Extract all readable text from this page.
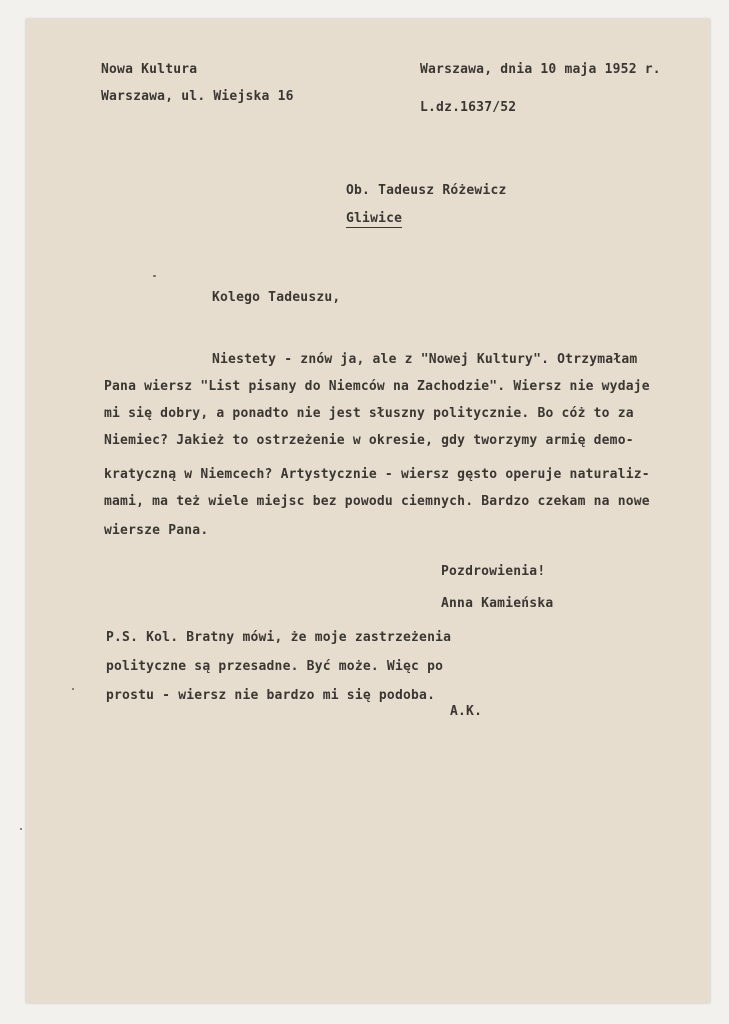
Nowa Kultura
Warszawa, ul. Wiejska 16
Warszawa, dnia 10 maja 1952 r.
L.dz.1637/52
Ob. Tadeusz Różewicz
Gliwice
Kolego Tadeuszu,
Niestety - znów ja, ale z "Nowej Kultury". Otrzymałam
Pana wiersz "List pisany do Niemców na Zachodzie". Wiersz nie wydaje
mi się dobry, a ponadto nie jest słuszny politycznie. Bo cóż to za
Niemiec? Jakież to ostrzeżenie w okresie, gdy tworzymy armię demo-
kratyczną w Niemcech? Artystycznie - wiersz gęsto operuje naturaliz-
mami, ma też wiele miejsc bez powodu ciemnych. Bardzo czekam na nowe
wiersze Pana.
Pozdrowienia!
Anna Kamieńska
P.S. Kol. Bratny mówi, że moje zastrzeżenia
polityczne są przesadne. Być może. Więc po
prostu - wiersz nie bardzo mi się podoba.
A.K.
